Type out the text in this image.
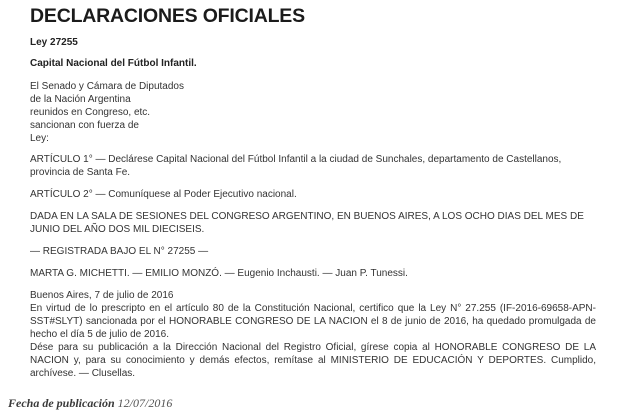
DECLARACIONES OFICIALES

Ley 27255

Capital Nacional del Fútbol Infantil.

El Senado y Cámara de Diputados
de la Nación Argentina
reunidos en Congreso, etc.
sancionan con fuerza de
Ley:

ARTÍCULO 1° — Declárese Capital Nacional del Fútbol Infantil a la ciudad de Sunchales, departamento de Castellanos, provincia de Santa Fe.

ARTÍCULO 2° — Comuníquese al Poder Ejecutivo nacional.

DADA EN LA SALA DE SESIONES DEL CONGRESO ARGENTINO, EN BUENOS AIRES, A LOS OCHO DIAS DEL MES DE JUNIO DEL AÑO DOS MIL DIECISEIS.

— REGISTRADA BAJO EL N° 27255 —

MARTA G. MICHETTI. — EMILIO MONZÓ. — Eugenio Inchausti. — Juan P. Tunessi.

Buenos Aires, 7 de julio de 2016

En virtud de lo prescripto en el artículo 80 de la Constitución Nacional, certifico que la Ley N° 27.255 (IF-2016-69658-APN-SST#SLYT) sancionada por el HONORABLE CONGRESO DE LA NACION el 8 de junio de 2016, ha quedado promulgada de hecho el día 5 de julio de 2016.

Dése para su publicación a la Dirección Nacional del Registro Oficial, gírese copia al HONORABLE CONGRESO DE LA NACION y, para su conocimiento y demás efectos, remítase al MINISTERIO DE EDUCACIÓN Y DEPORTES. Cumplido, archívese. — Clusellas.

Fecha de publicación 12/07/2016
